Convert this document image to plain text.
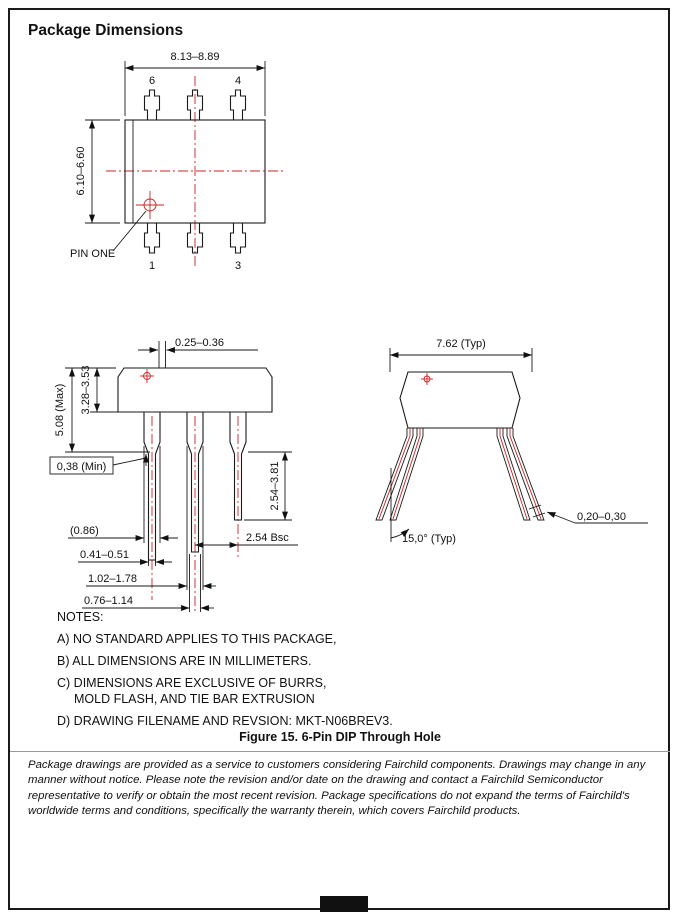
Package Dimensions
6	4
1	3
8.13–8.89
6.10–6.60
PIN ONE
0.25–0.36
5.08 (Max) 3.28–3.53
0,38 (Min)	2.54–3.81
2.54 Bsc
(0.86)
0.41–0.51
1.02–1.78
0.76–1.14
7.62 (Typ)
15,0° (Typ)
0,20–0,30
NOTES:
A) NO STANDARD APPLIES TO THIS PACKAGE,
B) ALL DIMENSIONS ARE IN MILLIMETERS.
C) DIMENSIONS ARE EXCLUSIVE OF BURRS,
MOLD FLASH, AND TIE BAR EXTRUSION
D) DRAWING FILENAME AND REVSION: MKT-N06BREV3.
Figure 15. 6-Pin DIP Through Hole

Package drawings are provided as a service to customers considering Fairchild components. Drawings may change in any manner without notice. Please note the revision and/or date on the drawing and contact a Fairchild Semiconductor representative to verify or obtain the most recent revision. Package specifications do not expand the terms of Fairchild's worldwide terms and conditions, specifically the warranty therein, which covers Fairchild products.
